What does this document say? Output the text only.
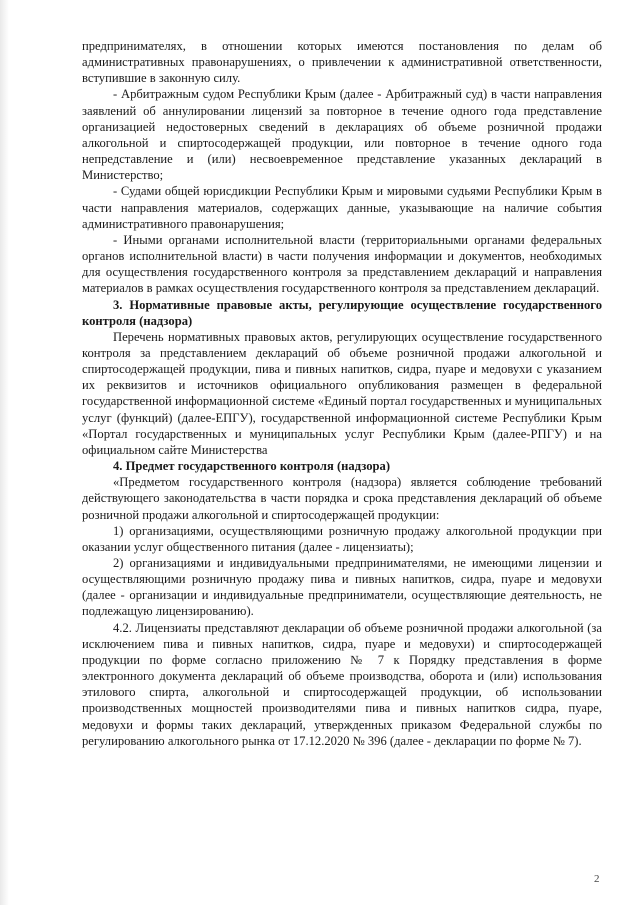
предпринимателях, в отношении которых имеются постановления по делам об административных правонарушениях, о привлечении к административной ответственности, вступившие в законную силу.

- Арбитражным судом Республики Крым (далее - Арбитражный суд) в части направления заявлений об аннулировании лицензий за повторное в течение одного года представление организацией недостоверных сведений в декларациях об объеме розничной продажи алкогольной и спиртосодержащей продукции, или повторное в течение одного года непредставление и (или) несвоевременное представление указанных деклараций в Министерство;

- Судами общей юрисдикции Республики Крым и мировыми судьями Республики Крым в части направления материалов, содержащих данные, указывающие на наличие события административного правонарушения;

- Иными органами исполнительной власти (территориальными органами федеральных органов исполнительной власти) в части получения информации и документов, необходимых для осуществления государственного контроля за представлением деклараций и направления материалов в рамках осуществления государственного контроля за представлением деклараций.

3. Нормативные правовые акты, регулирующие осуществление государственного контроля (надзора)

Перечень нормативных правовых актов, регулирующих осуществление государственного контроля за представлением деклараций об объеме розничной продажи алкогольной и спиртосодержащей продукции, пива и пивных напитков, сидра, пуаре и медовухи с указанием их реквизитов и источников официального опубликования размещен в федеральной государственной информационной системе «Единый портал государственных и муниципальных услуг (функций) (далее-ЕПГУ), государственной информационной системе Республики Крым «Портал государственных и муниципальных услуг Республики Крым (далее-РПГУ) и на официальном сайте Министерства

4. Предмет государственного контроля (надзора)

«Предметом государственного контроля (надзора) является соблюдение требований действующего законодательства в части порядка и срока представления деклараций об объеме розничной продажи алкогольной и спиртосодержащей продукции:

1) организациями, осуществляющими розничную продажу алкогольной продукции при оказании услуг общественного питания (далее - лицензиаты);

2) организациями и индивидуальными предпринимателями, не имеющими лицензии и осуществляющими розничную продажу пива и пивных напитков, сидра, пуаре и медовухи (далее - организации и индивидуальные предприниматели, осуществляющие деятельность, не подлежащую лицензированию).

4.2. Лицензиаты представляют декларации об объеме розничной продажи алкогольной (за исключением пива и пивных напитков, сидра, пуаре и медовухи) и спиртосодержащей продукции по форме согласно приложению № 7 к Порядку представления в форме электронного документа деклараций об объеме производства, оборота и (или) использования этилового спирта, алкогольной и спиртосодержащей продукции, об использовании производственных мощностей производителями пива и пивных напитков сидра, пуаре, медовухи и формы таких деклараций, утвержденных приказом Федеральной службы по регулированию алкогольного рынка от 17.12.2020 № 396 (далее - декларации по форме № 7).

2
